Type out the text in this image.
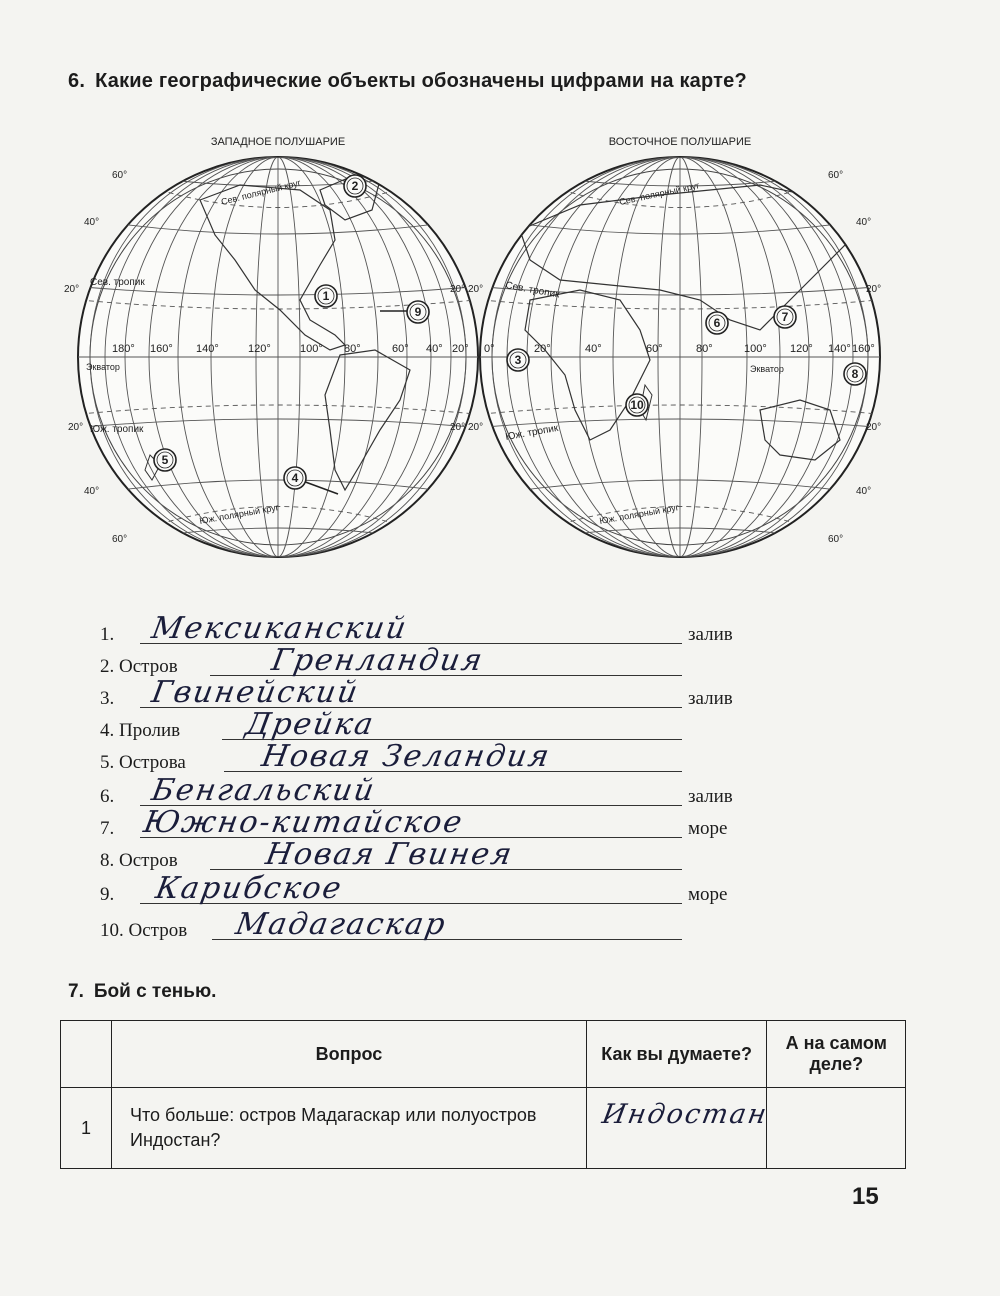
6. Какие географические объекты обозначены цифрами на карте?
ЗАПАДНОЕ ПОЛУШАРИЕ
Сев. полярный круг
Сев. тропик
Экватор
Юж. тропик
Юж. полярный круг
180° 160° 140°	120°	100° 80°	60° 40° 20°
20°
20°
40°
40°
60°
60°
20°
20°
ВОСТОЧНОЕ ПОЛУШАРИЕ
Сев. полярный круг
Сев. тропик
Экватор
Юж. тропик
Юж. полярный круг
0°	20°	40°	60°	80°	100° 120° 140° 160°
20°
20°
20°
20°
40°
40°
60°
60°
1
2
3
4
5
6	7
8
9
10
1. Мексиканский	залив
2. Остров	Гренландия
3. Гвинейский	залив
4. Пролив Дрейка
5. Острова Новая Зеландия
6. Бенгальский	залив
7. Южно-китайское	море
8. Остров	Новая Гвинея
9. Карибское	море
10. Остров Мадагаскар
7. Бой с тенью.
	Вопрос	Как вы думаете?	А на самом деле?
1	Что больше: остров Мадагаскар или полуостров Индостан?	Индостан	
15
